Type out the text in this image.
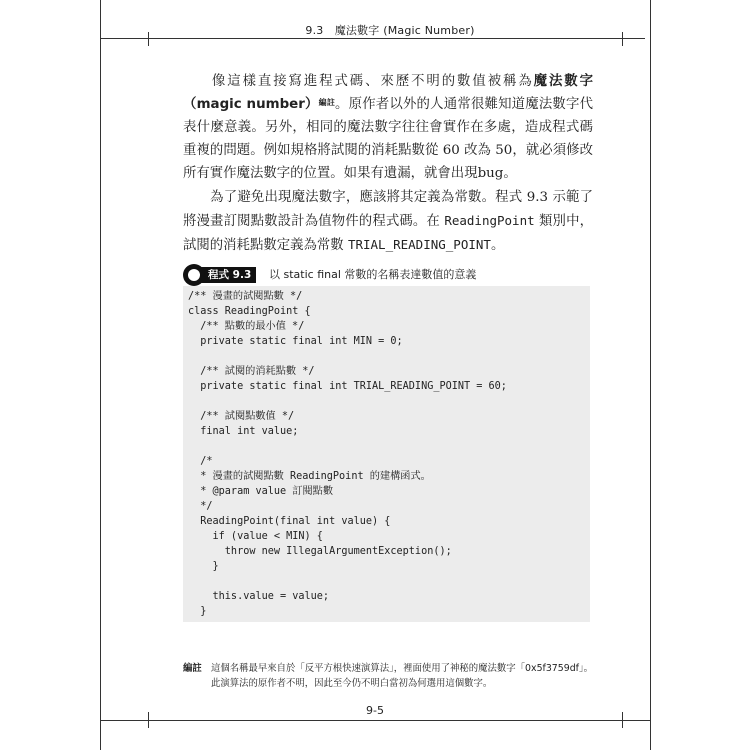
9.3　魔法數字 (Magic Number)

像這樣直接寫進程式碼、來歷不明的數值被稱為魔法數字（magic number）$^{編註}$。原作者以外的人通常很難知道魔法數字代表什麼意義。另外，相同的魔法數字往往會實作在多處，造成程式碼重複的問題。例如規格將試閱的消耗點數從 60 改為 50，就必須修改所有實作魔法數字的位置。如果有遺漏，就會出現bug。

為了避免出現魔法數字，應該將其定義為常數。程式 9.3 示範了將漫畫訂閱點數設計為值物件的程式碼。在 ReadingPoint 類別中，試閱的消耗點數定義為常數 TRIAL_READING_POINT。

程式 9.3	以 static final 常數的名稱表達數值的意義
/** 漫畫的試閱點數 */
class ReadingPoint {
/** 點數的最小值 */
private static final int MIN = 0;

/** 試閱的消耗點數 */
private static final int TRIAL_READING_POINT = 60;

/** 試閱點數值 */
final int value;

/*
* 漫畫的試閱點數 ReadingPoint 的建構函式。
* @param value 訂閱點數
*/
ReadingPoint(final int value) {
if (value < MIN) {
throw new IllegalArgumentException();
}

this.value = value;
}
編註 這個名稱最早來自於「反平方根快速演算法」，裡面使用了神秘的魔法數字「0x5f3759df」。此演算法的原作者不明，因此至今仍不明白當初為何選用這個數字。
9-5
